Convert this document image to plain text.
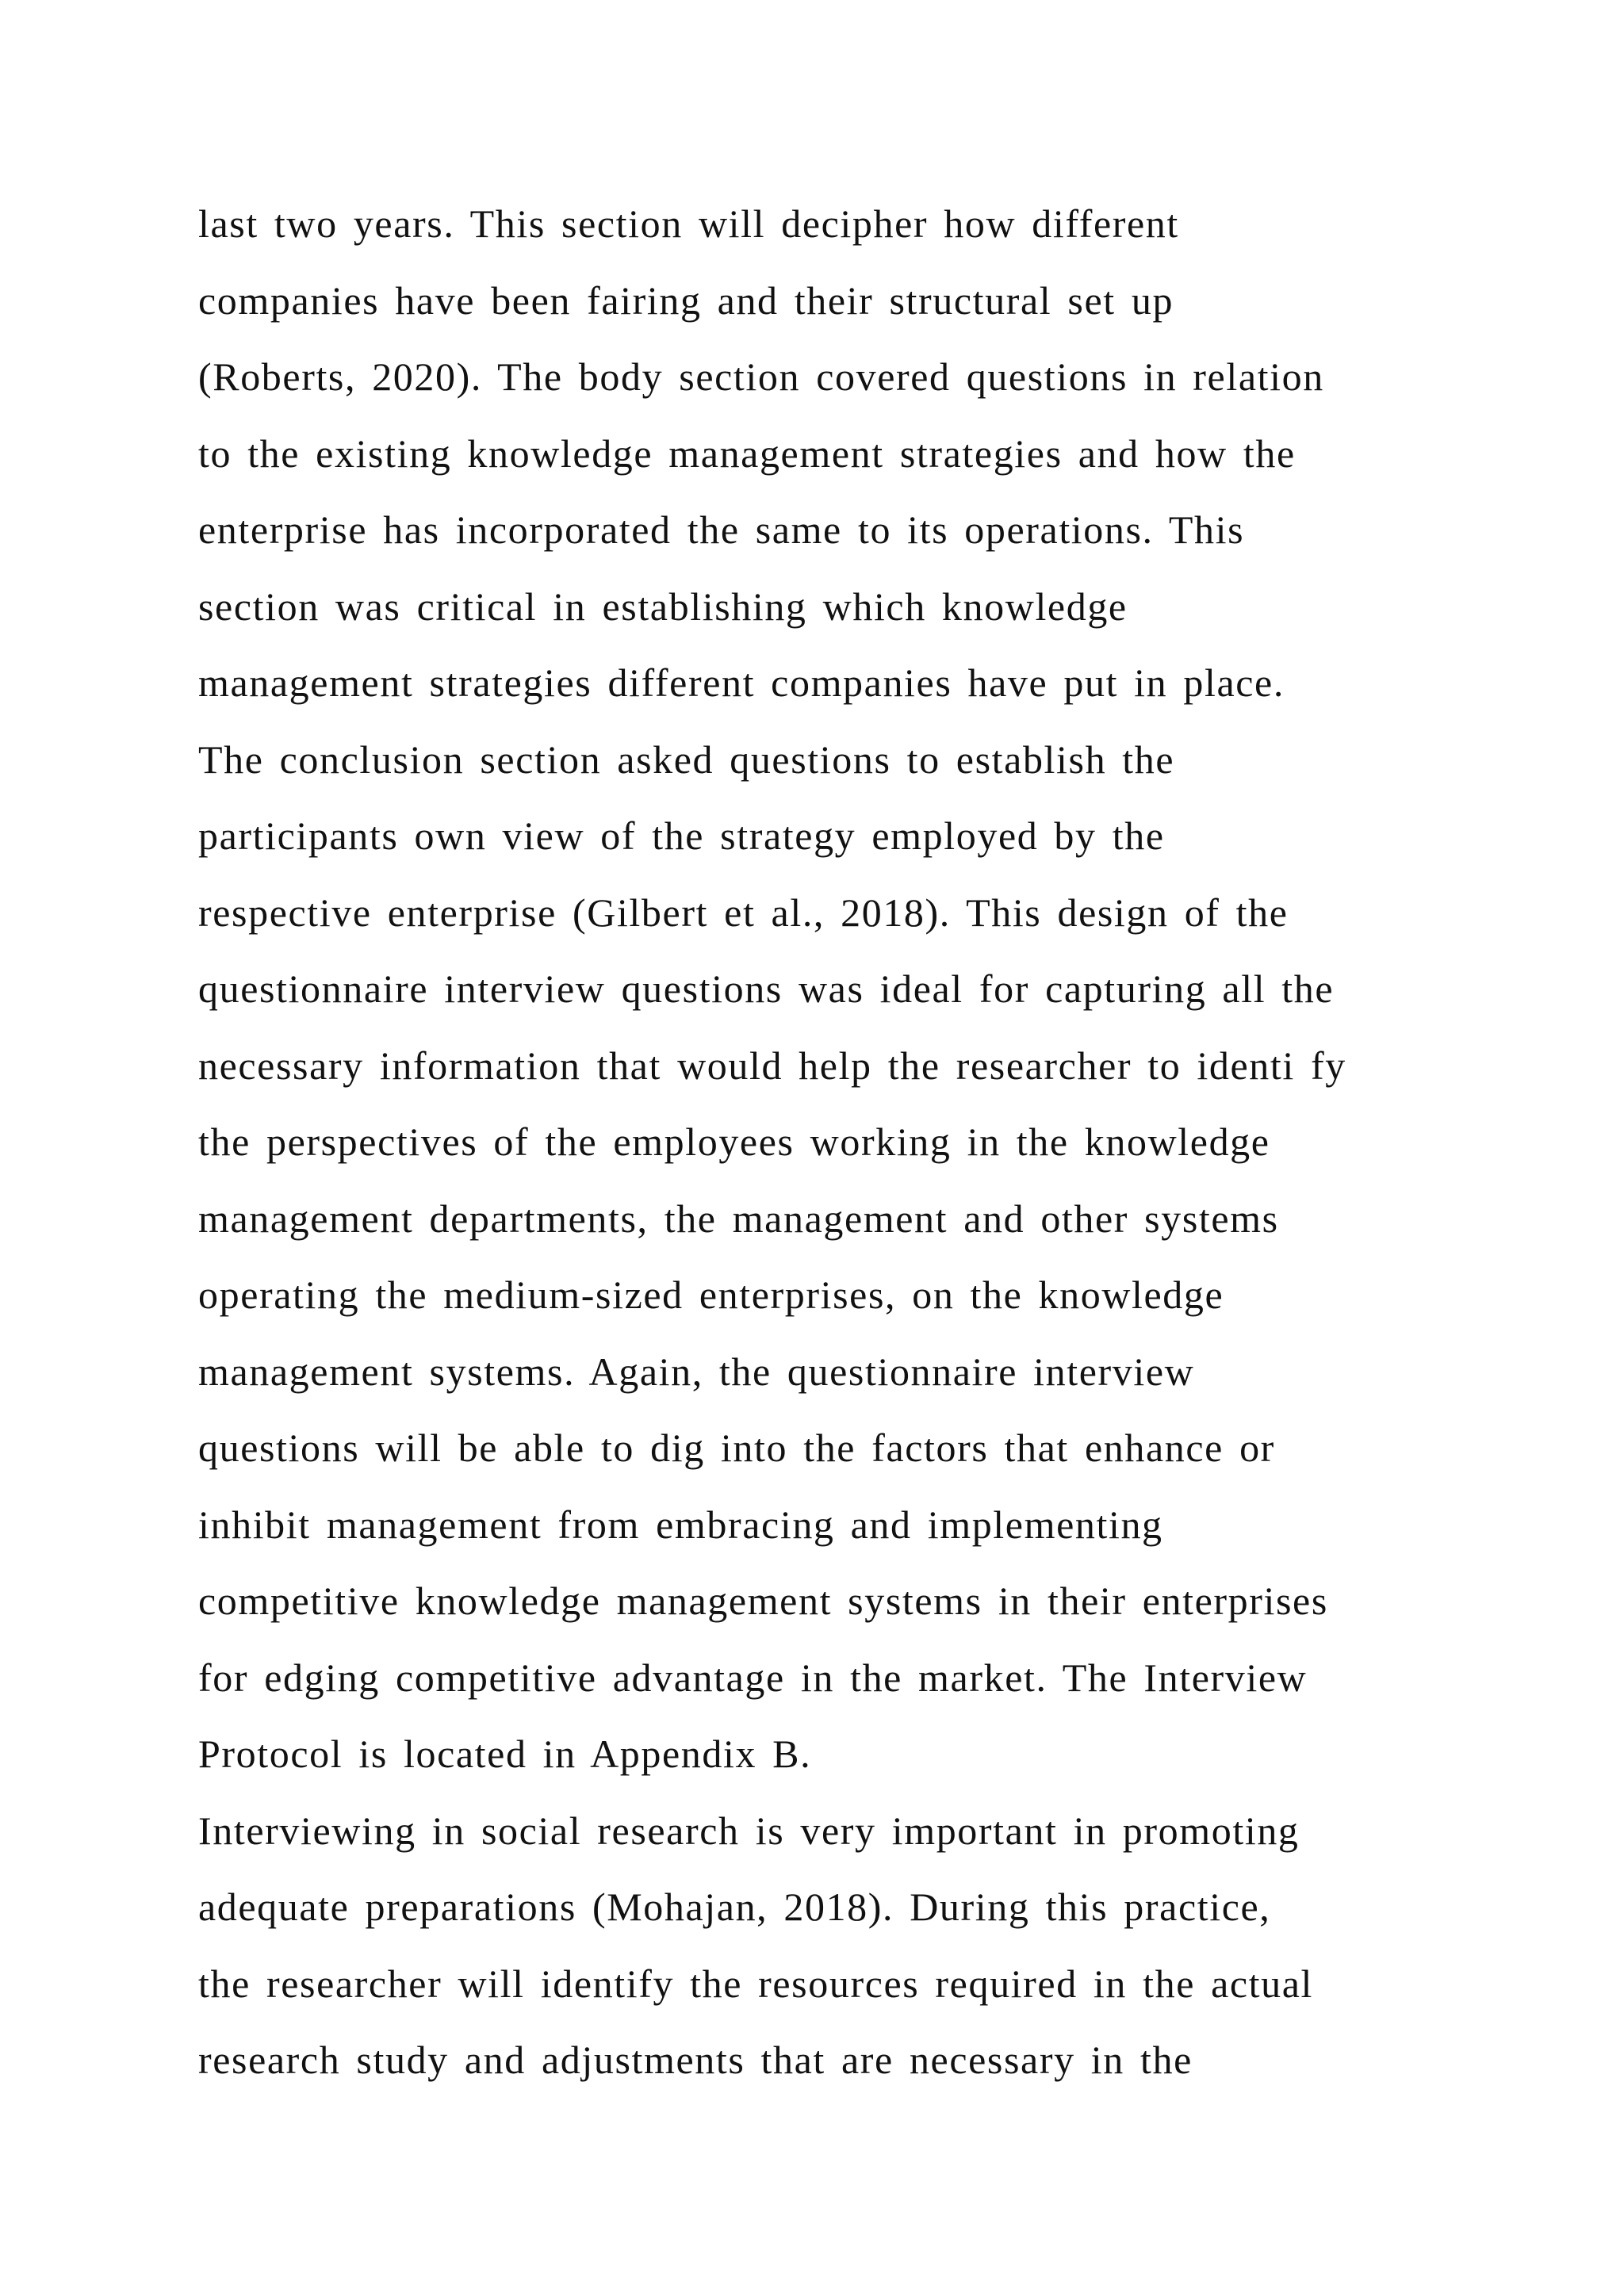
last two years. This section will decipher how different
companies have been fairing and their structural set up
(Roberts, 2020). The body section covered questions in relation
to the existing knowledge management strategies and how the
enterprise has incorporated the same to its operations. This
section was critical in establishing which knowledge
management strategies different companies have put in place.
The conclusion section asked questions to establish the
participants own view of the strategy employed by the
respective enterprise (Gilbert et al., 2018). This design of the
questionnaire interview questions was ideal for capturing all the
necessary information that would help the researcher to identi fy
the perspectives of the employees working in the knowledge
management departments, the management and other systems
operating the medium-sized enterprises, on the knowledge
management systems. Again, the questionnaire interview
questions will be able to dig into the factors that enhance or
inhibit management from embracing and implementing
competitive knowledge management systems in their enterprises
for edging competitive advantage in the market. The Interview
Protocol is located in Appendix B.
Interviewing in social research is very important in promoting
adequate preparations (Mohajan, 2018). During this practice,
the researcher will identify the resources required in the actual
research study and adjustments that are necessary in the
